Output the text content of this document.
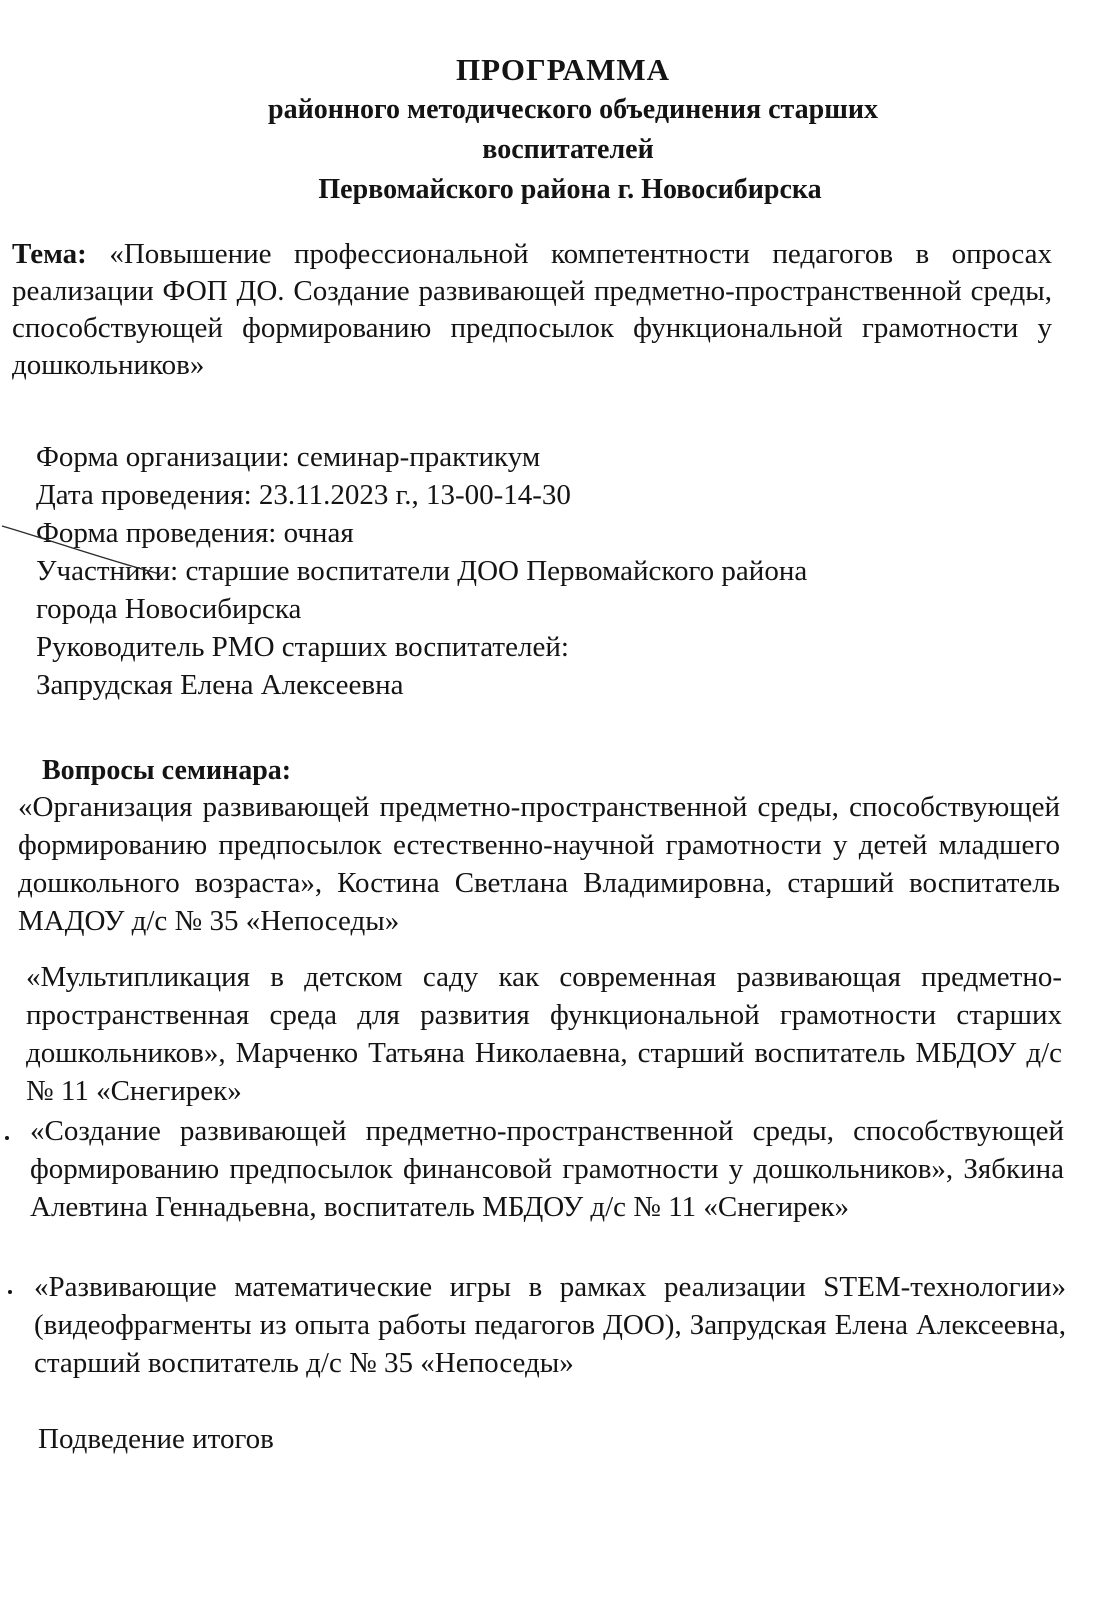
ПРОГРАММА
районного методического объединения старших
воспитателей
Первомайского района г. Новосибирска
Тема: «Повышение профессиональной компетентности педагогов в опросах реализации ФОП ДО. Создание развивающей предметно-пространственной среды, способствующей формированию предпосылок функциональной грамотности у дошкольников»
Форма организации: семинар-практикум
Дата проведения: 23.11.2023 г., 13-00-14-30
Форма проведения: очная
Участники: старшие воспитатели ДОО Первомайского района
города Новосибирска
Руководитель РМО старших воспитателей:
Запрудская Елена Алексеевна
Вопросы семинара:
«Организация развивающей предметно-пространственной среды, способствующей формированию предпосылок естественно-научной грамотности у детей младшего дошкольного возраста», Костина Светлана Владимировна, старший воспитатель МАДОУ д/с № 35 «Непоседы»
«Мультипликация в детском саду как современная развивающая предметно-пространственная среда для развития функциональной грамотности старших дошкольников», Марченко Татьяна Николаевна, старший воспитатель МБДОУ д/с № 11 «Снегирек»
«Создание развивающей предметно-пространственной среды, способствующей формированию предпосылок финансовой грамотности у дошкольников», Зябкина Алевтина Геннадьевна, воспитатель МБДОУ д/с № 11 «Снегирек»
«Развивающие математические игры в рамках реализации STEM-технологии» (видеофрагменты из опыта работы педагогов ДОО), Запрудская Елена Алексеевна, старший воспитатель д/с № 35 «Непоседы»
Подведение итогов
